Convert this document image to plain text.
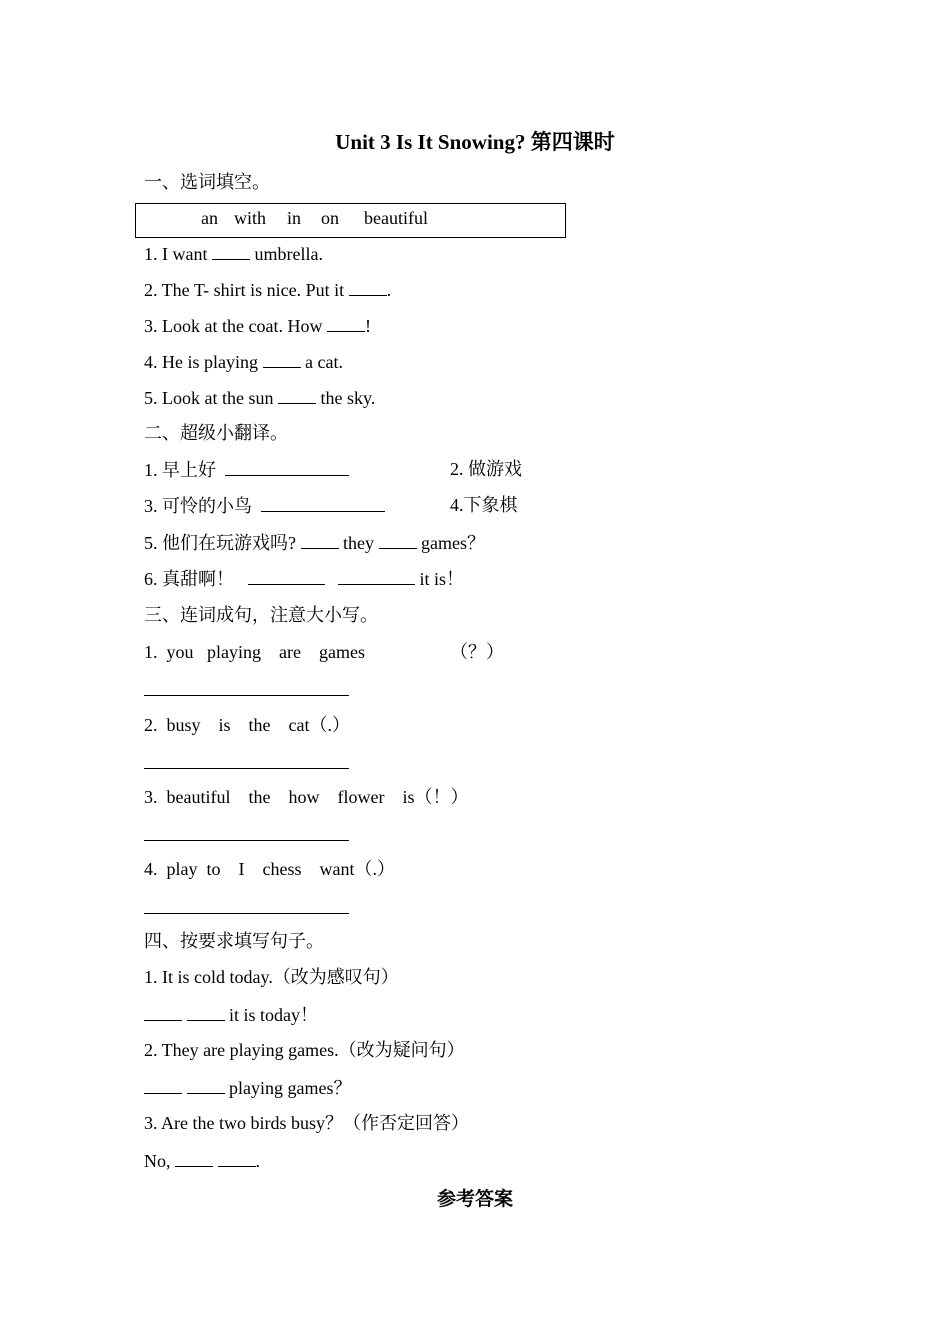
Unit 3 Is It Snowing? 第四课时
一、选词填空。
an with in on beautiful
1. I want  umbrella.
2. The T- shirt is nice. Put it .
3. Look at the coat. How !
4. He is playing  a cat.
5. Look at the sun  the sky.
二、超级小翻译。
1. 早上好	2. 做游戏
3. 可怜的小鸟	4.下象棋
5. 他们在玩游戏吗?  they  games？
6. 真甜啊！	it is！
三、连词成句，注意大小写。
1.  you   playing    are    games	（？）
2.  busy    is    the    cat（.）
3.  beautiful    the    how    flower    is（！）
4.  play  to    I    chess    want（.）
四、按要求填写句子。
1. It is cold today.（改为感叹句）
it is today！
2. They are playing games.（改为疑问句）
playing games？
3. Are the two birds busy？（作否定回答）
No,	.
参考答案
